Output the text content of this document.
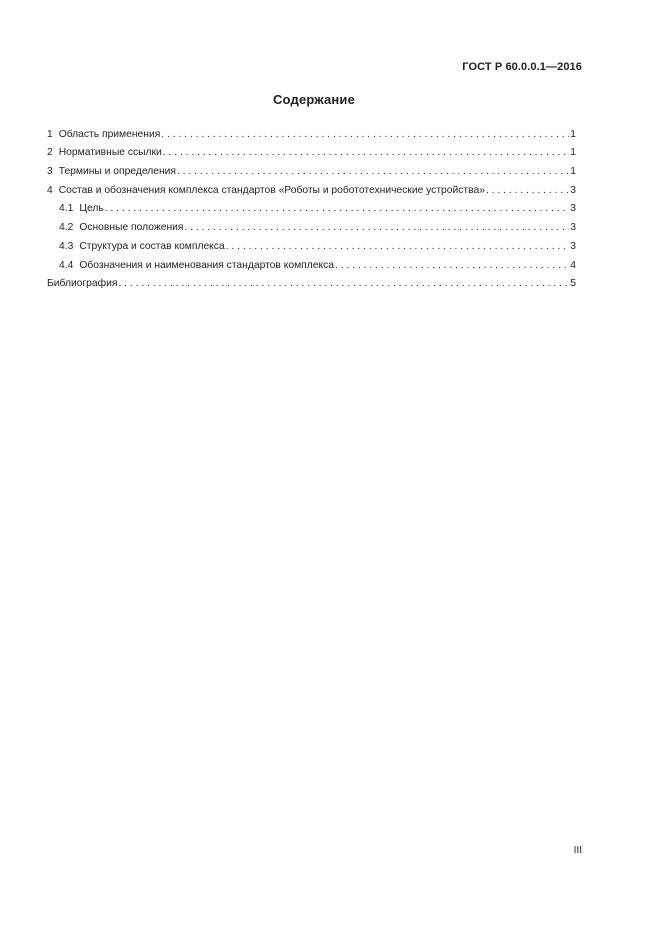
ГОСТ Р 60.0.0.1—2016
Содержание
1 Область применения . . .	1
2 Нормативные ссылки . . .	1
3 Термины и определения . . .	1
4 Состав и обозначения комплекса стандартов «Роботы и робототехнические устройства» . . .	3
4.1 Цель . . .	3
4.2 Основные положения . . .	3
4.3 Структура и состав комплекса . . .	3
4.4 Обозначения и наименования стандартов комплекса . . .	4
Библиография . . .	5
III
